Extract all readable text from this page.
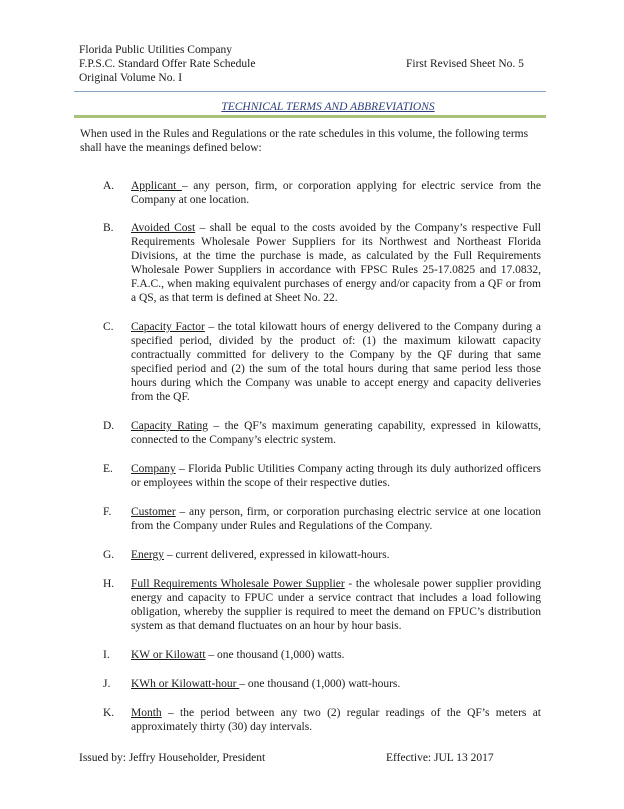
Florida Public Utilities Company
F.P.S.C. Standard Offer Rate Schedule
Original Volume No. I
First Revised Sheet No. 5
TECHNICAL TERMS AND ABBREVIATIONS
When used in the Rules and Regulations or the rate schedules in this volume, the following terms shall have the meanings defined below:
A.	Applicant – any person, firm, or corporation applying for electric service from the Company at one location.
B.	Avoided Cost – shall be equal to the costs avoided by the Company’s respective Full Requirements Wholesale Power Suppliers for its Northwest and Northeast Florida Divisions, at the time the purchase is made, as calculated by the Full Requirements Wholesale Power Suppliers in accordance with FPSC Rules 25-17.0825 and 17.0832, F.A.C., when making equivalent purchases of energy and/or capacity from a QF or from a QS, as that term is defined at Sheet No. 22.
C.	Capacity Factor – the total kilowatt hours of energy delivered to the Company during a specified period, divided by the product of: (1) the maximum kilowatt capacity contractually committed for delivery to the Company by the QF during that same specified period and (2) the sum of the total hours during that same period less those hours during which the Company was unable to accept energy and capacity deliveries from the QF.
D.	Capacity Rating – the QF’s maximum generating capability, expressed in kilowatts, connected to the Company’s electric system.
E.	Company – Florida Public Utilities Company acting through its duly authorized officers or employees within the scope of their respective duties.
F.	Customer – any person, firm, or corporation purchasing electric service at one location from the Company under Rules and Regulations of the Company.
G.	Energy – current delivered, expressed in kilowatt-hours.
H.	Full Requirements Wholesale Power Supplier - the wholesale power supplier providing energy and capacity to FPUC under a service contract that includes a load following obligation, whereby the supplier is required to meet the demand on FPUC’s distribution system as that demand fluctuates on an hour by hour basis.
I.	KW or Kilowatt – one thousand (1,000) watts.
J.	KWh or Kilowatt-hour – one thousand (1,000) watt-hours.
K.	Month – the period between any two (2) regular readings of the QF’s meters at approximately thirty (30) day intervals.
Issued by: Jeffry Householder, President	Effective: JUL 13 2017
